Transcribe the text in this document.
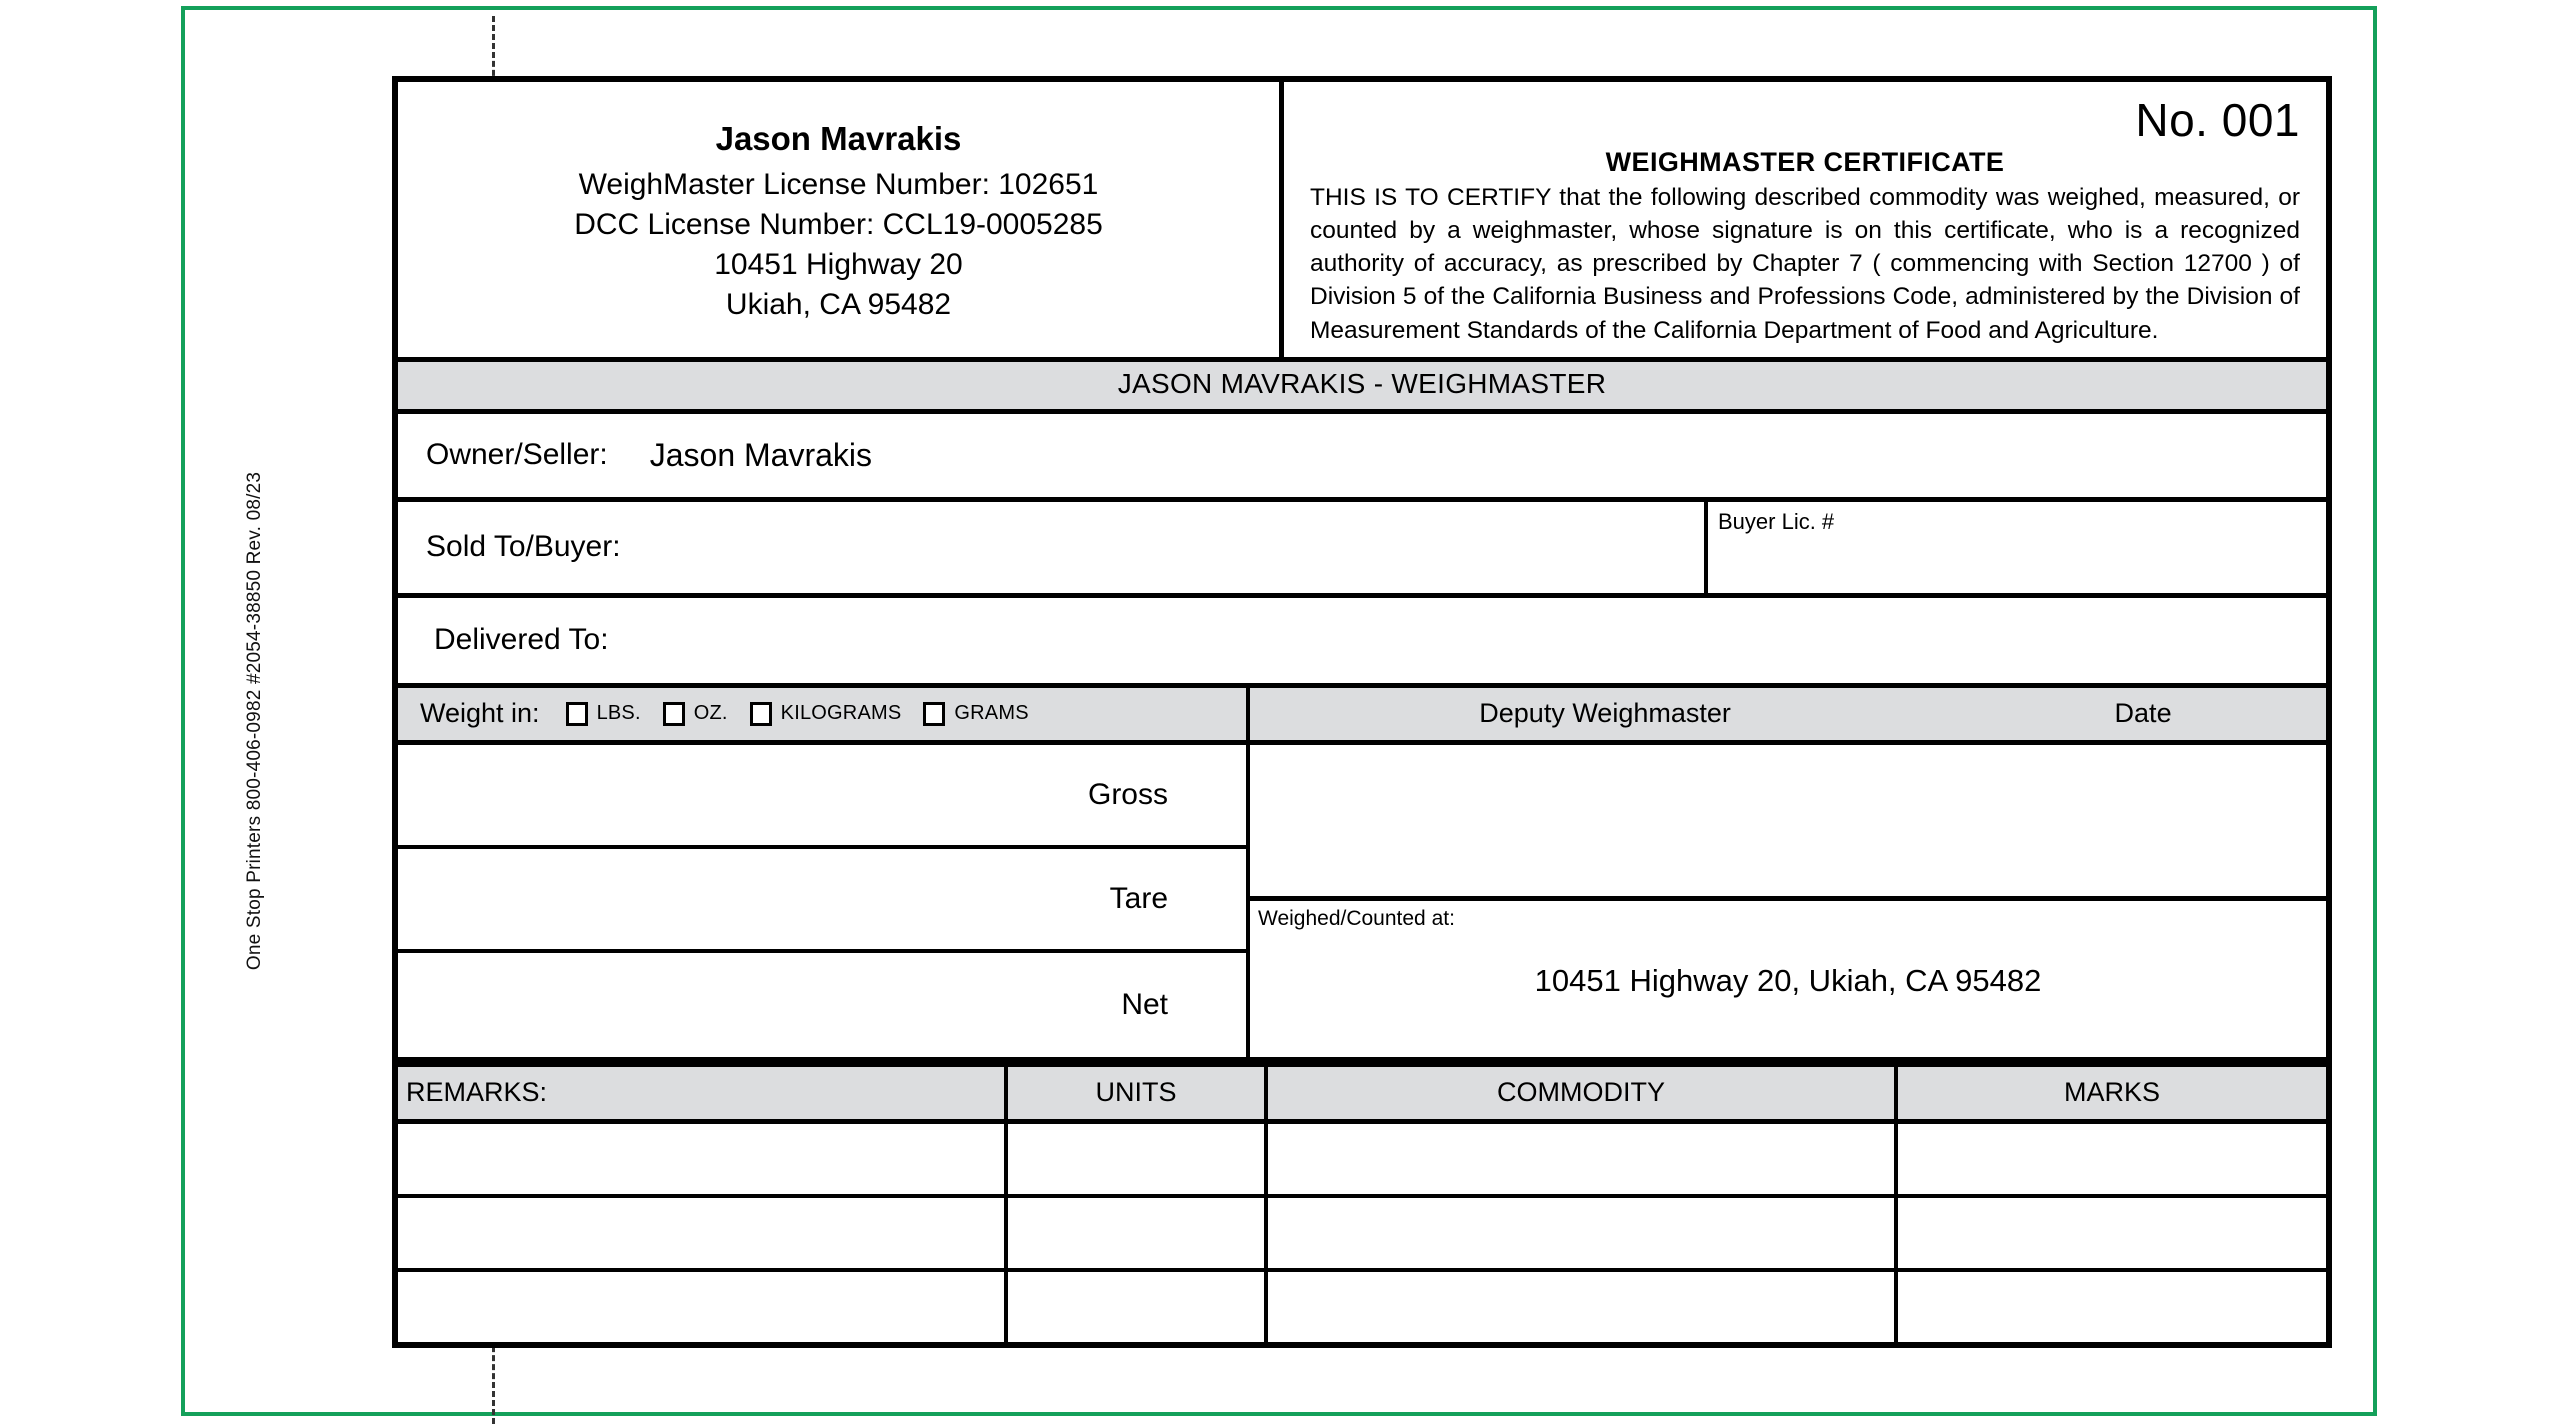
One Stop Printers 800-406-0982 #2054-38850 Rev. 08/23
Jason Mavrakis
WeighMaster License Number: 102651
DCC License Number: CCL19-0005285
10451 Highway 20
Ukiah, CA 95482
No. 001
WEIGHMASTER CERTIFICATE
THIS IS TO CERTIFY that the following described commodity was weighed, measured, or counted by a weighmaster, whose signature is on this certificate, who is a recognized authority of accuracy, as prescribed by Chapter 7 ( commencing with Section 12700 ) of Division 5 of the California Business and Professions Code, administered by the Division of Measurement Standards of the California Department of Food and Agriculture.
JASON MAVRAKIS - WEIGHMASTER
Owner/Seller: Jason Mavrakis
Sold To/Buyer:
Buyer Lic. #
Delivered To:
Weight in:	LBS.	OZ.	KILOGRAMS	GRAMS	Deputy Weighmaster	Date
Gross
Tare
Net
Weighed/Counted at:
10451 Highway 20, Ukiah, CA 95482
REMARKS:	UNITS	COMMODITY	MARKS
